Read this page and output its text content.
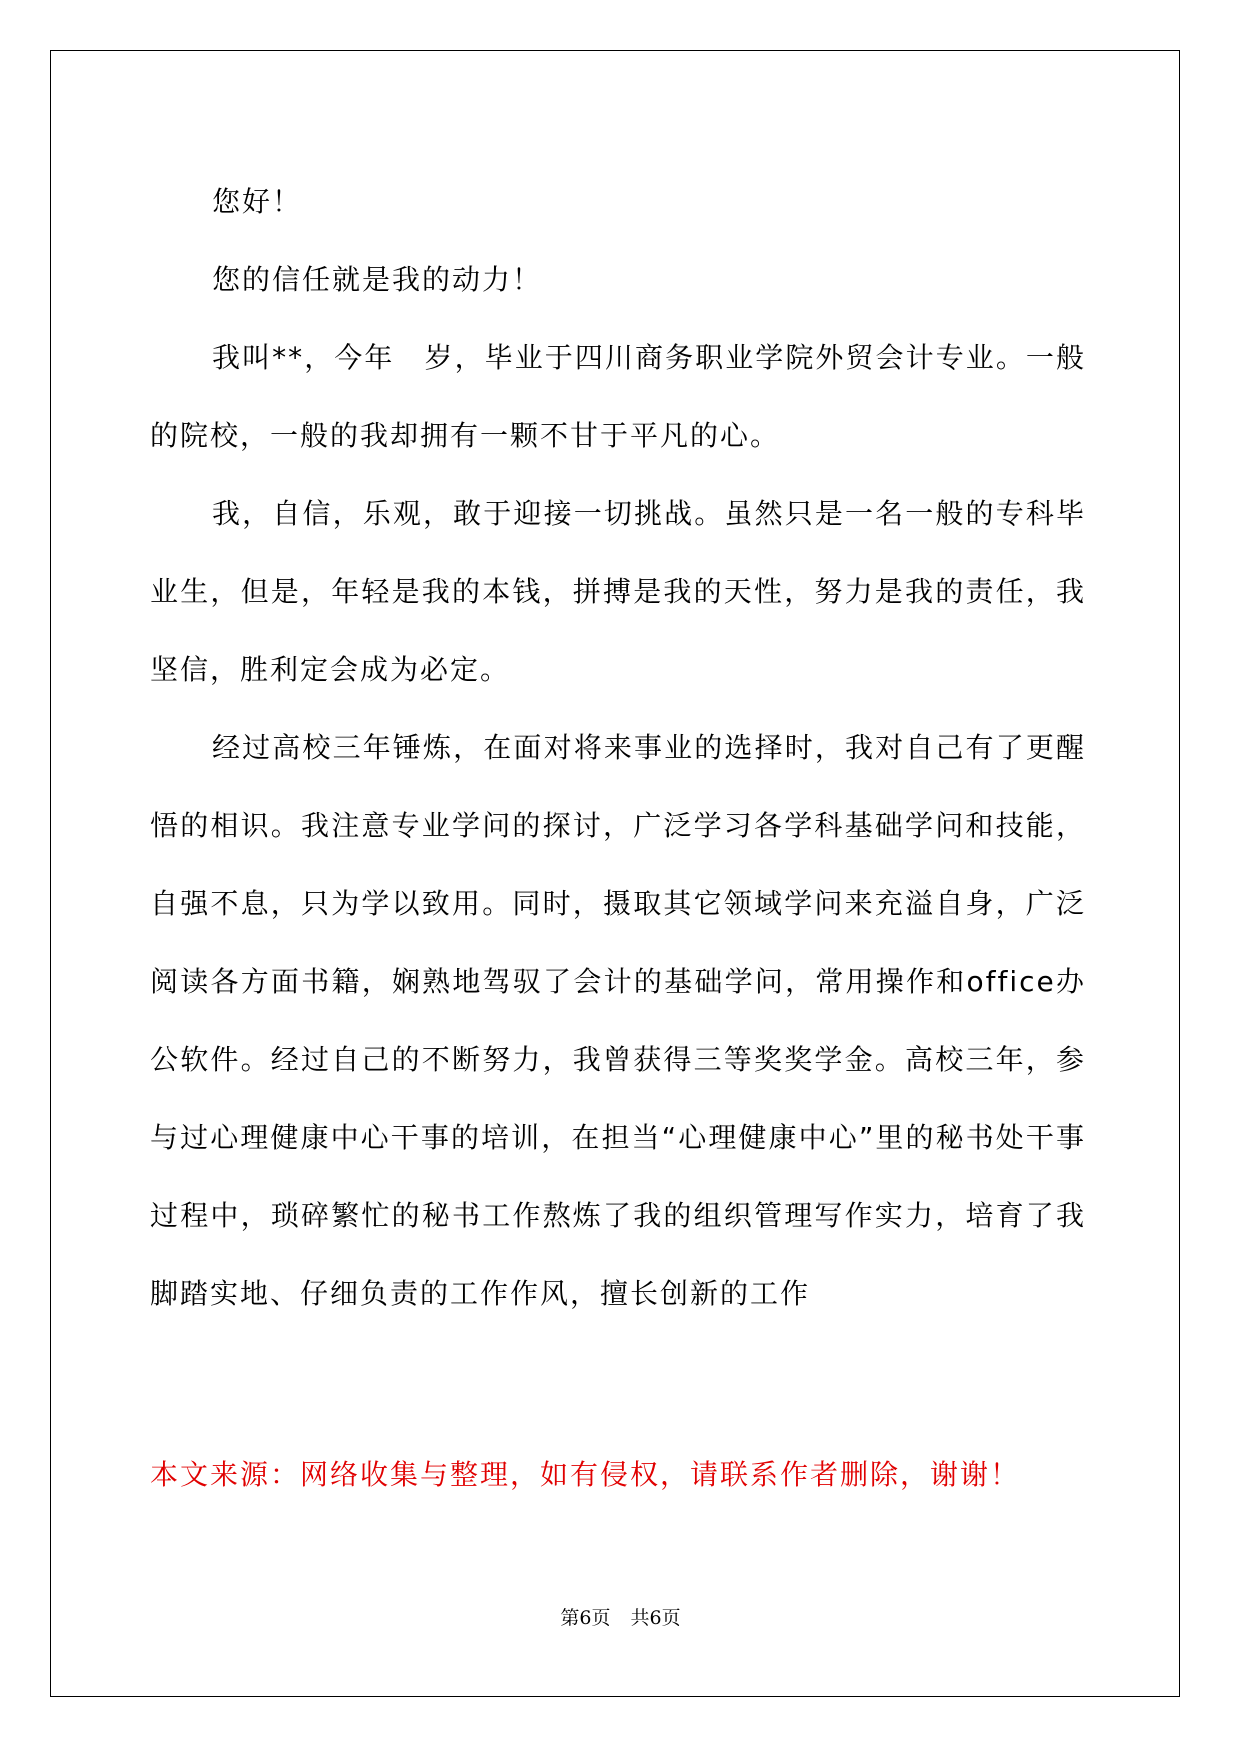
您好！

您的信任就是我的动力！

我叫**，今年　岁，毕业于四川商务职业学院外贸会计专业。一般的院校，一般的我却拥有一颗不甘于平凡的心。

我，自信，乐观，敢于迎接一切挑战。虽然只是一名一般的专科毕业生，但是，年轻是我的本钱，拼搏是我的天性，努力是我的责任，我坚信，胜利定会成为必定。

经过高校三年锤炼，在面对将来事业的选择时，我对自己有了更醒悟的相识。我注意专业学问的探讨，广泛学习各学科基础学问和技能，自强不息，只为学以致用。同时，摄取其它领域学问来充溢自身，广泛阅读各方面书籍，娴熟地驾驭了会计的基础学问，常用操作和office办公软件。经过自己的不断努力，我曾获得三等奖奖学金。高校三年，参与过心理健康中心干事的培训，在担当“心理健康中心”里的秘书处干事过程中，琐碎繁忙的秘书工作熬炼了我的组织管理写作实力，培育了我脚踏实地、仔细负责的工作作风，擅长创新的工作

本文来源：网络收集与整理，如有侵权，请联系作者删除，谢谢！
第6页 共6页
